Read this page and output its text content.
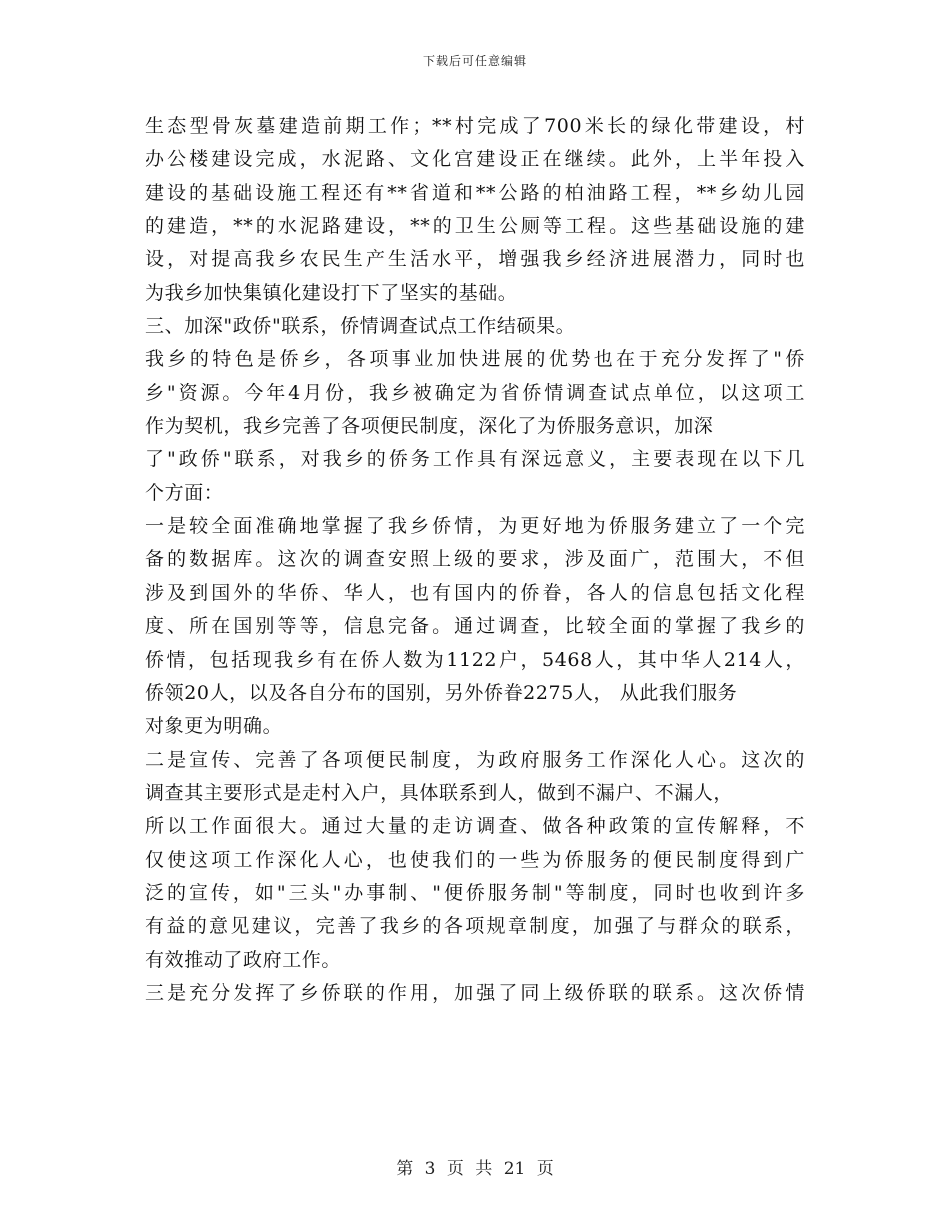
下载后可任意编辑
生态型骨灰墓建造前期工作；**村完成了700米长的绿化带建设，村
办公楼建设完成，水泥路、文化宫建设正在继续。此外，上半年投入
建设的基础设施工程还有**省道和**公路的柏油路工程，**乡幼儿园
的建造，**的水泥路建设，**的卫生公厕等工程。这些基础设施的建
设，对提高我乡农民生产生活水平，增强我乡经济进展潜力，同时也
为我乡加快集镇化建设打下了坚实的基础。
三、加深"政侨"联系，侨情调查试点工作结硕果。
我乡的特色是侨乡，各项事业加快进展的优势也在于充分发挥了"侨
乡"资源。今年4月份，我乡被确定为省侨情调查试点单位，以这项工
作为契机，我乡完善了各项便民制度，深化了为侨服务意识，加深
了"政侨"联系，对我乡的侨务工作具有深远意义，主要表现在以下几
个方面：
一是较全面准确地掌握了我乡侨情，为更好地为侨服务建立了一个完
备的数据库。这次的调查安照上级的要求，涉及面广，范围大，不但
涉及到国外的华侨、华人，也有国内的侨眷，各人的信息包括文化程
度、所在国别等等，信息完备。通过调查，比较全面的掌握了我乡的
侨情，包括现我乡有在侨人数为1122户，5468人，其中华人214人，
侨领20人，以及各自分布的国别，另外侨眷2275人， 从此我们服务
对象更为明确。
二是宣传、完善了各项便民制度，为政府服务工作深化人心。这次的
调查其主要形式是走村入户，具体联系到人，做到不漏户、不漏人，
所以工作面很大。通过大量的走访调查、做各种政策的宣传解释，不
仅使这项工作深化人心，也使我们的一些为侨服务的便民制度得到广
泛的宣传，如"三头"办事制、"便侨服务制"等制度，同时也收到许多
有益的意见建议，完善了我乡的各项规章制度，加强了与群众的联系，
有效推动了政府工作。
三是充分发挥了乡侨联的作用，加强了同上级侨联的联系。这次侨情
第 3 页 共 21 页
